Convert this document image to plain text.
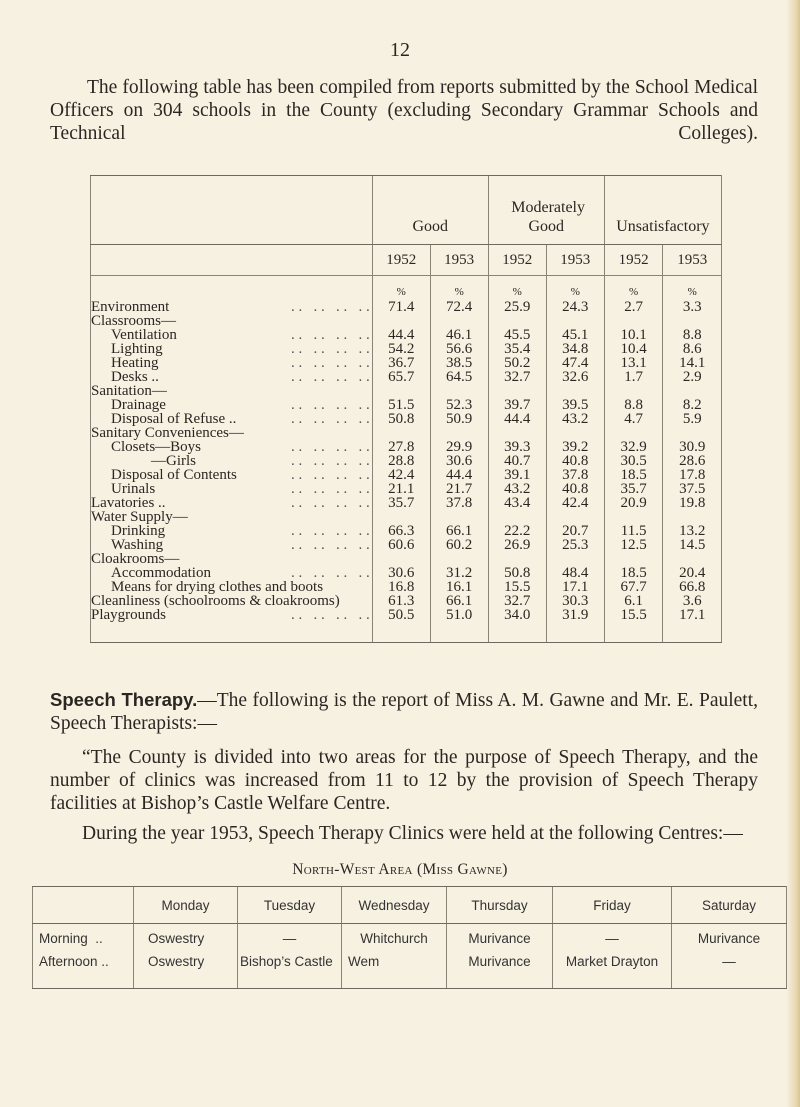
12

The following table has been compiled from reports submitted by the School Medical Officers on 304 schools in the County (excluding Secondary Grammar Schools and Technical Colleges).

	Good		Moderately Good		Unsatisfactory	
	1952	1953	1952	1953	1952	1953
	%	%	%	%	%	%

Environment . .   . .   . .   . .	71.4	72.4	25.9	24.3	2.7	3.3

Classrooms—						

Ventilation . .   . .   . .   . .	44.4	46.1	45.5	45.1	10.1	8.8

Lighting . .   . .   . .   . .	54.2	56.6	35.4	34.8	10.4	8.6

Heating . .   . .   . .   . .	36.7	38.5	50.2	47.4	13.1	14.1

Desks .. . .   . .   . .   . .	65.7	64.5	32.7	32.6	1.7	2.9

Sanitation—						

Drainage . .   . .   . .   . .	51.5	52.3	39.7	39.5	8.8	8.2

Disposal of Refuse .. . .   . .   . .   . .	50.8	50.9	44.4	43.2	4.7	5.9

Sanitary Conveniences—						

Closets—Boys . .   . .   . .   . .	27.8	29.9	39.3	39.2	32.9	30.9

—Girls . .   . .   . .   . .	28.8	30.6	40.7	40.8	30.5	28.6

Disposal of Contents . .   . .   . .   . .	42.4	44.4	39.1	37.8	18.5	17.8

Urinals . .   . .   . .   . .	21.1	21.7	43.2	40.8	35.7	37.5

Lavatories .. . .   . .   . .   . .	35.7	37.8	43.4	42.4	20.9	19.8

Water Supply—						

Drinking . .   . .   . .   . .	66.3	66.1	22.2	20.7	11.5	13.2

Washing . .   . .   . .   . .	60.6	60.2	26.9	25.3	12.5	14.5

Cloakrooms—						

Accommodation . .   . .   . .   . .	30.6	31.2	50.8	48.4	18.5	20.4

Means for drying clothes and boots	16.8	16.1	15.5	17.1	67.7	66.8

Cleanliness (schoolrooms & cloakrooms)	61.3	66.1	32.7	30.3	6.1	3.6

Playgrounds . .   . .   . .   . .	50.5	51.0	34.0	31.9	15.5	17.1

Speech Therapy.—The following is the report of Miss A. M. Gawne and Mr. E. Paulett, Speech Therapists:—

“The County is divided into two areas for the purpose of Speech Therapy, and the number of clinics was increased from 11 to 12 by the provision of Speech Therapy facilities at Bishop’s Castle Welfare Centre.

During the year 1953, Speech Therapy Clinics were held at the following Centres:—

North-West Area (Miss Gawne)
	Monday	Tuesday	Wednesday	Thursday	Friday	Saturday
Morning  ..	Oswestry	—	Whitchurch	Murivance	—	Murivance
Afternoon ..	Oswestry	Bishop’s Castle	Wem	Murivance	Market Drayton	—
